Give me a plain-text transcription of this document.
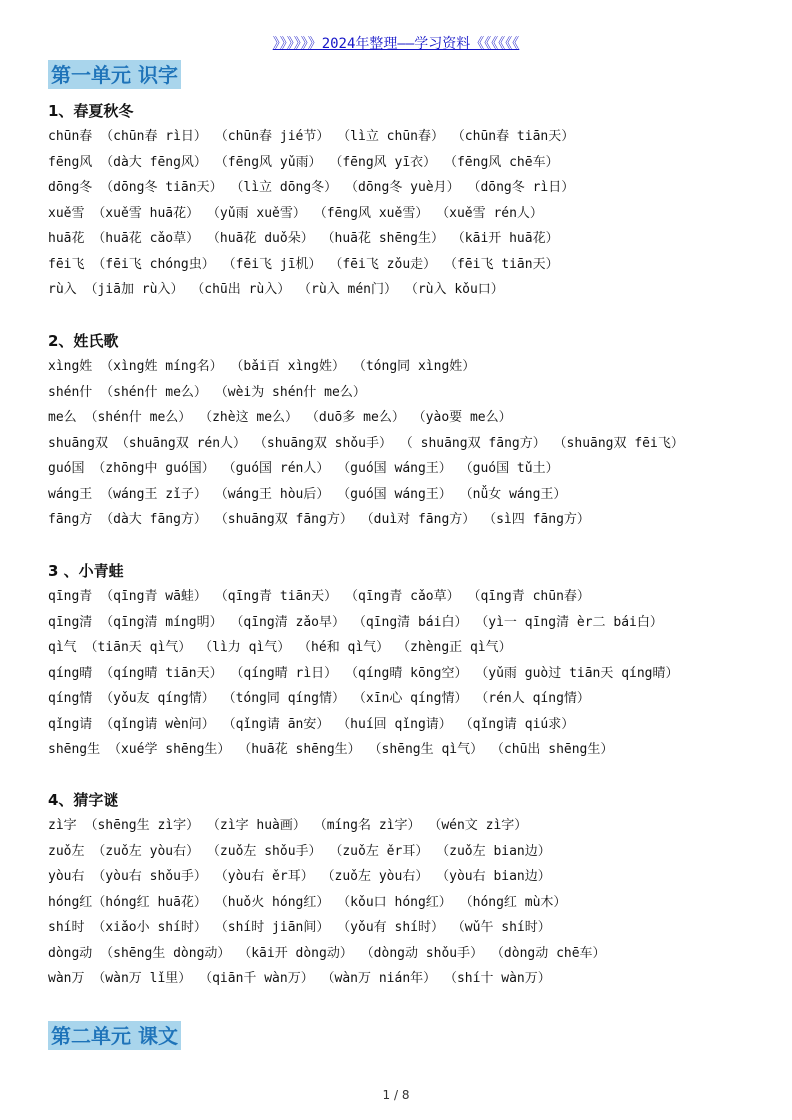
》》》》》》2024年整理——学习资料《《《《《《
第一单元 识字
1、春夏秋冬
chūn春 （chūn春 rì日） （chūn春 jié节） （lì立 chūn春） （chūn春 tiān天）
fēng风 （dà大 fēng风） （fēng风 yǔ雨） （fēng风 yī衣） （fēng风 chē车）
dōng冬 （dōng冬 tiān天） （lì立 dōng冬） （dōng冬 yuè月） （dōng冬 rì日）
xuě雪 （xuě雪 huā花） （yǔ雨 xuě雪） （fēng风 xuě雪） （xuě雪 rén人）
huā花 （huā花 cǎo草） （huā花 duǒ朵） （huā花 shēng生） （kāi开 huā花）
fēi飞 （fēi飞 chóng虫） （fēi飞 jī机） （fēi飞 zǒu走） （fēi飞 tiān天）
rù入 （jiā加 rù入） （chū出 rù入） （rù入 mén门） （rù入 kǒu口）
2、姓氏歌
xìng姓 （xìng姓 míng名） （bǎi百 xìng姓） （tóng同 xìng姓）
shén什 （shén什 me么） （wèi为 shén什 me么）
me么 （shén什 me么） （zhè这 me么） （duō多 me么） （yào要 me么）
shuāng双 （shuāng双 rén人） （shuāng双 shǒu手） （ shuāng双 fāng方） （shuāng双 fēi飞）
guó国 （zhōng中 guó国） （guó国 rén人） （guó国 wáng王） （guó国 tǔ土）
wáng王 （wáng王 zǐ子） （wáng王 hòu后） （guó国 wáng王） （nǚ女 wáng王）
fāng方 （dà大 fāng方） （shuāng双 fāng方） （duì对 fāng方） （sì四 fāng方）
3 、小青蛙
qīng青 （qīng青 wā蛙） （qīng青 tiān天） （qīng青 cǎo草） （qīng青 chūn春）
qīng清 （qīng清 míng明） （qīng清 zǎo早） （qīng清 bái白） （yì一 qīng清 èr二 bái白）
qì气 （tiān天 qì气） （lì力 qì气） （hé和 qì气） （zhèng正 qì气）
qíng晴 （qíng晴 tiān天） （qíng晴 rì日） （qíng晴 kōng空） （yǔ雨 guò过 tiān天 qíng晴）
qíng情 （yǒu友 qíng情） （tóng同 qíng情） （xīn心 qíng情） （rén人 qíng情）
qǐng请 （qǐng请 wèn问） （qǐng请 ān安） （huí回 qǐng请） （qǐng请 qiú求）
shēng生 （xué学 shēng生） （huā花 shēng生） （shēng生 qì气） （chū出 shēng生）
4、猜字谜
zì字 （shēng生 zì字） （zì字 huà画） （míng名 zì字） （wén文 zì字）
zuǒ左 （zuǒ左 yòu右） （zuǒ左 shǒu手） （zuǒ左 ěr耳） （zuǒ左 bian边）
yòu右 （yòu右 shǒu手） （yòu右 ěr耳） （zuǒ左 yòu右） （yòu右 bian边）
hóng红（hóng红 huā花） （huǒ火 hóng红） （kǒu口 hóng红） （hóng红 mù木）
shí时 （xiǎo小 shí时） （shí时 jiān间） （yǒu有 shí时） （wǔ午 shí时）
dòng动 （shēng生 dòng动） （kāi开 dòng动） （dòng动 shǒu手） （dòng动 chē车）
wàn万 （wàn万 lǐ里） （qiān千 wàn万） （wàn万 nián年） （shí十 wàn万）
第二单元 课文
1 / 8
